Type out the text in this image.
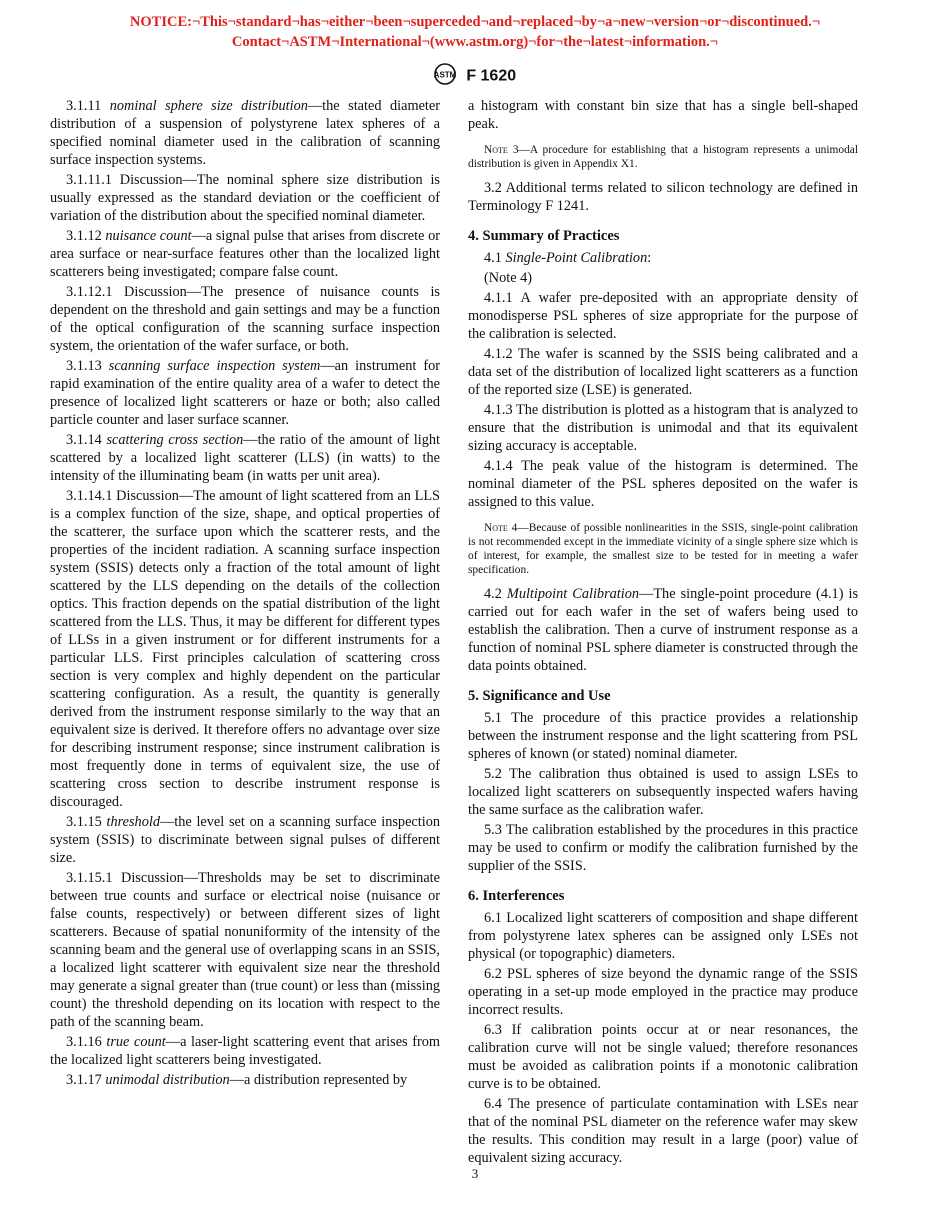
NOTICE:¬This¬standard¬has¬either¬been¬superceded¬and¬replaced¬by¬a¬new¬version¬or¬discontinued.¬
Contact¬ASTM¬International¬(www.astm.org)¬for¬the¬latest¬information.¬
ASTM F 1620

3.1.11 nominal sphere size distribution—the stated diameter distribution of a suspension of polystyrene latex spheres of a specified nominal diameter used in the calibration of scanning surface inspection systems.

3.1.11.1 Discussion—The nominal sphere size distribution is usually expressed as the standard deviation or the coefficient of variation of the distribution about the specified nominal diameter.

3.1.12 nuisance count—a signal pulse that arises from discrete or area surface or near-surface features other than the localized light scatterers being investigated; compare false count.

3.1.12.1 Discussion—The presence of nuisance counts is dependent on the threshold and gain settings and may be a function of the optical configuration of the scanning surface inspection system, the orientation of the wafer surface, or both.

3.1.13 scanning surface inspection system—an instrument for rapid examination of the entire quality area of a wafer to detect the presence of localized light scatterers or haze or both; also called particle counter and laser surface scanner.

3.1.14 scattering cross section—the ratio of the amount of light scattered by a localized light scatterer (LLS) (in watts) to the intensity of the illuminating beam (in watts per unit area).

3.1.14.1 Discussion—The amount of light scattered from an LLS is a complex function of the size, shape, and optical properties of the scatterer, the surface upon which the scatterer rests, and the properties of the incident radiation. A scanning surface inspection system (SSIS) detects only a fraction of the total amount of light scattered by the LLS depending on the details of the collection optics. This fraction depends on the spatial distribution of the light scattered from the LLS. Thus, it may be different for different types of LLSs in a given instrument or for different instruments for a particular LLS. First principles calculation of scattering cross section is very complex and highly dependent on the particular scattering configuration. As a result, the quantity is generally derived from the instrument response similarly to the way that an equivalent size is derived. It therefore offers no advantage over size for describing instrument response; since instrument calibration is most frequently done in terms of equivalent size, the use of scattering cross section to describe instrument response is discouraged.

3.1.15 threshold—the level set on a scanning surface inspection system (SSIS) to discriminate between signal pulses of different size.

3.1.15.1 Discussion—Thresholds may be set to discriminate between true counts and surface or electrical noise (nuisance or false counts, respectively) or between different sizes of light scatterers. Because of spatial nonuniformity of the intensity of the scanning beam and the general use of overlapping scans in an SSIS, a localized light scatterer with equivalent size near the threshold may generate a signal greater than (true count) or less than (missing count) the threshold depending on its location with respect to the path of the scanning beam.

3.1.16 true count—a laser-light scattering event that arises from the localized light scatterers being investigated.

3.1.17 unimodal distribution—a distribution represented by

a histogram with constant bin size that has a single bell-shaped peak.

Note 3—A procedure for establishing that a histogram represents a unimodal distribution is given in Appendix X1.

3.2 Additional terms related to silicon technology are defined in Terminology F 1241.

4. Summary of Practices

4.1 Single-Point Calibration:

(Note 4)

4.1.1 A wafer pre-deposited with an appropriate density of monodisperse PSL spheres of size appropriate for the purpose of the calibration is selected.

4.1.2 The wafer is scanned by the SSIS being calibrated and a data set of the distribution of localized light scatterers as a function of the reported size (LSE) is generated.

4.1.3 The distribution is plotted as a histogram that is analyzed to ensure that the distribution is unimodal and that its equivalent sizing accuracy is acceptable.

4.1.4 The peak value of the histogram is determined. The nominal diameter of the PSL spheres deposited on the wafer is assigned to this value.

Note 4—Because of possible nonlinearities in the SSIS, single-point calibration is not recommended except in the immediate vicinity of a single sphere size which is of interest, for example, the smallest size to be tested for in meeting a wafer specification.

4.2 Multipoint Calibration—The single-point procedure (4.1) is carried out for each wafer in the set of wafers being used to establish the calibration. Then a curve of instrument response as a function of nominal PSL sphere diameter is constructed through the data points obtained.

5. Significance and Use

5.1 The procedure of this practice provides a relationship between the instrument response and the light scattering from PSL spheres of known (or stated) nominal diameter.

5.2 The calibration thus obtained is used to assign LSEs to localized light scatterers on subsequently inspected wafers having the same surface as the calibration wafer.

5.3 The calibration established by the procedures in this practice may be used to confirm or modify the calibration furnished by the supplier of the SSIS.

6. Interferences

6.1 Localized light scatterers of composition and shape different from polystyrene latex spheres can be assigned only LSEs not physical (or topographic) diameters.

6.2 PSL spheres of size beyond the dynamic range of the SSIS operating in a set-up mode employed in the practice may produce incorrect results.

6.3 If calibration points occur at or near resonances, the calibration curve will not be single valued; therefore resonances must be avoided as calibration points if a monotonic calibration curve is to be obtained.

6.4 The presence of particulate contamination with LSEs near that of the nominal PSL diameter on the reference wafer may skew the results. This condition may result in a large (poor) value of equivalent sizing accuracy.

3
